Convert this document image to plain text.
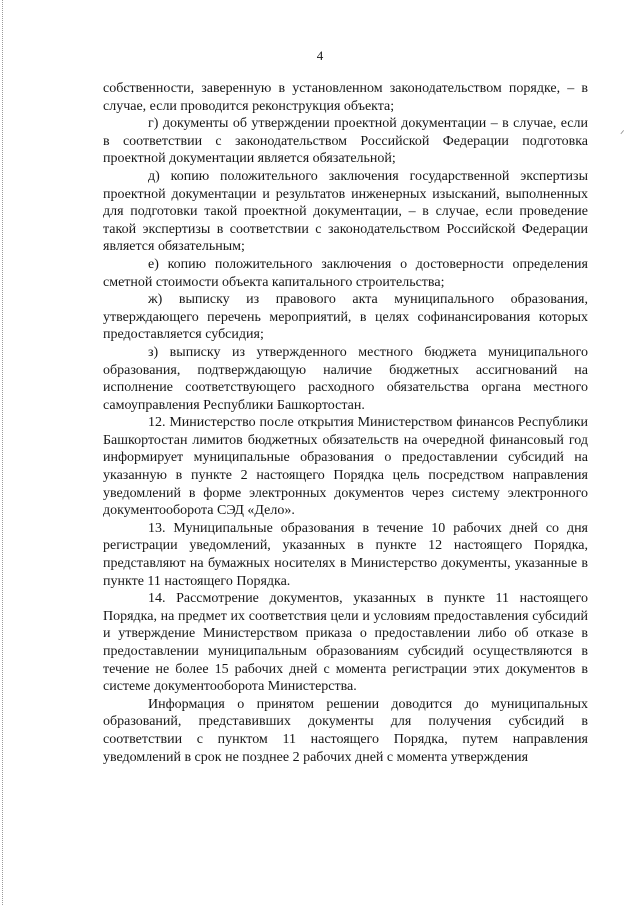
ᐟ
4

собственности, заверенную в установленном законодательством порядке, – в случае, если проводится реконструкция объекта;

г) документы об утверждении проектной документации – в случае, если в соответствии с законодательством Российской Федерации подготовка проектной документации является обязательной;

д) копию положительного заключения государственной экспертизы проектной документации и результатов инженерных изысканий, выполненных для подготовки такой проектной документации, – в случае, если проведение такой экспертизы в соответствии с законодательством Российской Федерации является обязательным;

е) копию положительного заключения о достоверности определения сметной стоимости объекта капитального строительства;

ж) выписку из правового акта муниципального образования, утверждающего перечень мероприятий, в целях софинансирования которых предоставляется субсидия;

з) выписку из утвержденного местного бюджета муниципального образования, подтверждающую наличие бюджетных ассигнований на исполнение соответствующего расходного обязательства органа местного самоуправления Республики Башкортостан.

12. Министерство после открытия Министерством финансов Республики Башкортостан лимитов бюджетных обязательств на очередной финансовый год информирует муниципальные образования о предоставлении субсидий на указанную в пункте 2 настоящего Порядка цель посредством направления уведомлений в форме электронных документов через систему электронного документооборота СЭД «Дело».

13. Муниципальные образования в течение 10 рабочих дней со дня регистрации уведомлений, указанных в пункте 12 настоящего Порядка, представляют на бумажных носителях в Министерство документы, указанные в пункте 11 настоящего Порядка.

14. Рассмотрение документов, указанных в пункте 11 настоящего Порядка, на предмет их соответствия цели и условиям предоставления субсидий и утверждение Министерством приказа о предоставлении либо об отказе в предоставлении муниципальным образованиям субсидий осуществляются в течение не более 15 рабочих дней с момента регистрации этих документов в системе документооборота Министерства.

Информация о принятом решении доводится до муниципальных образований, представивших документы для получения субсидий в соответствии с пунктом 11 настоящего Порядка, путем направления уведомлений в срок не позднее 2 рабочих дней с момента утверждения
